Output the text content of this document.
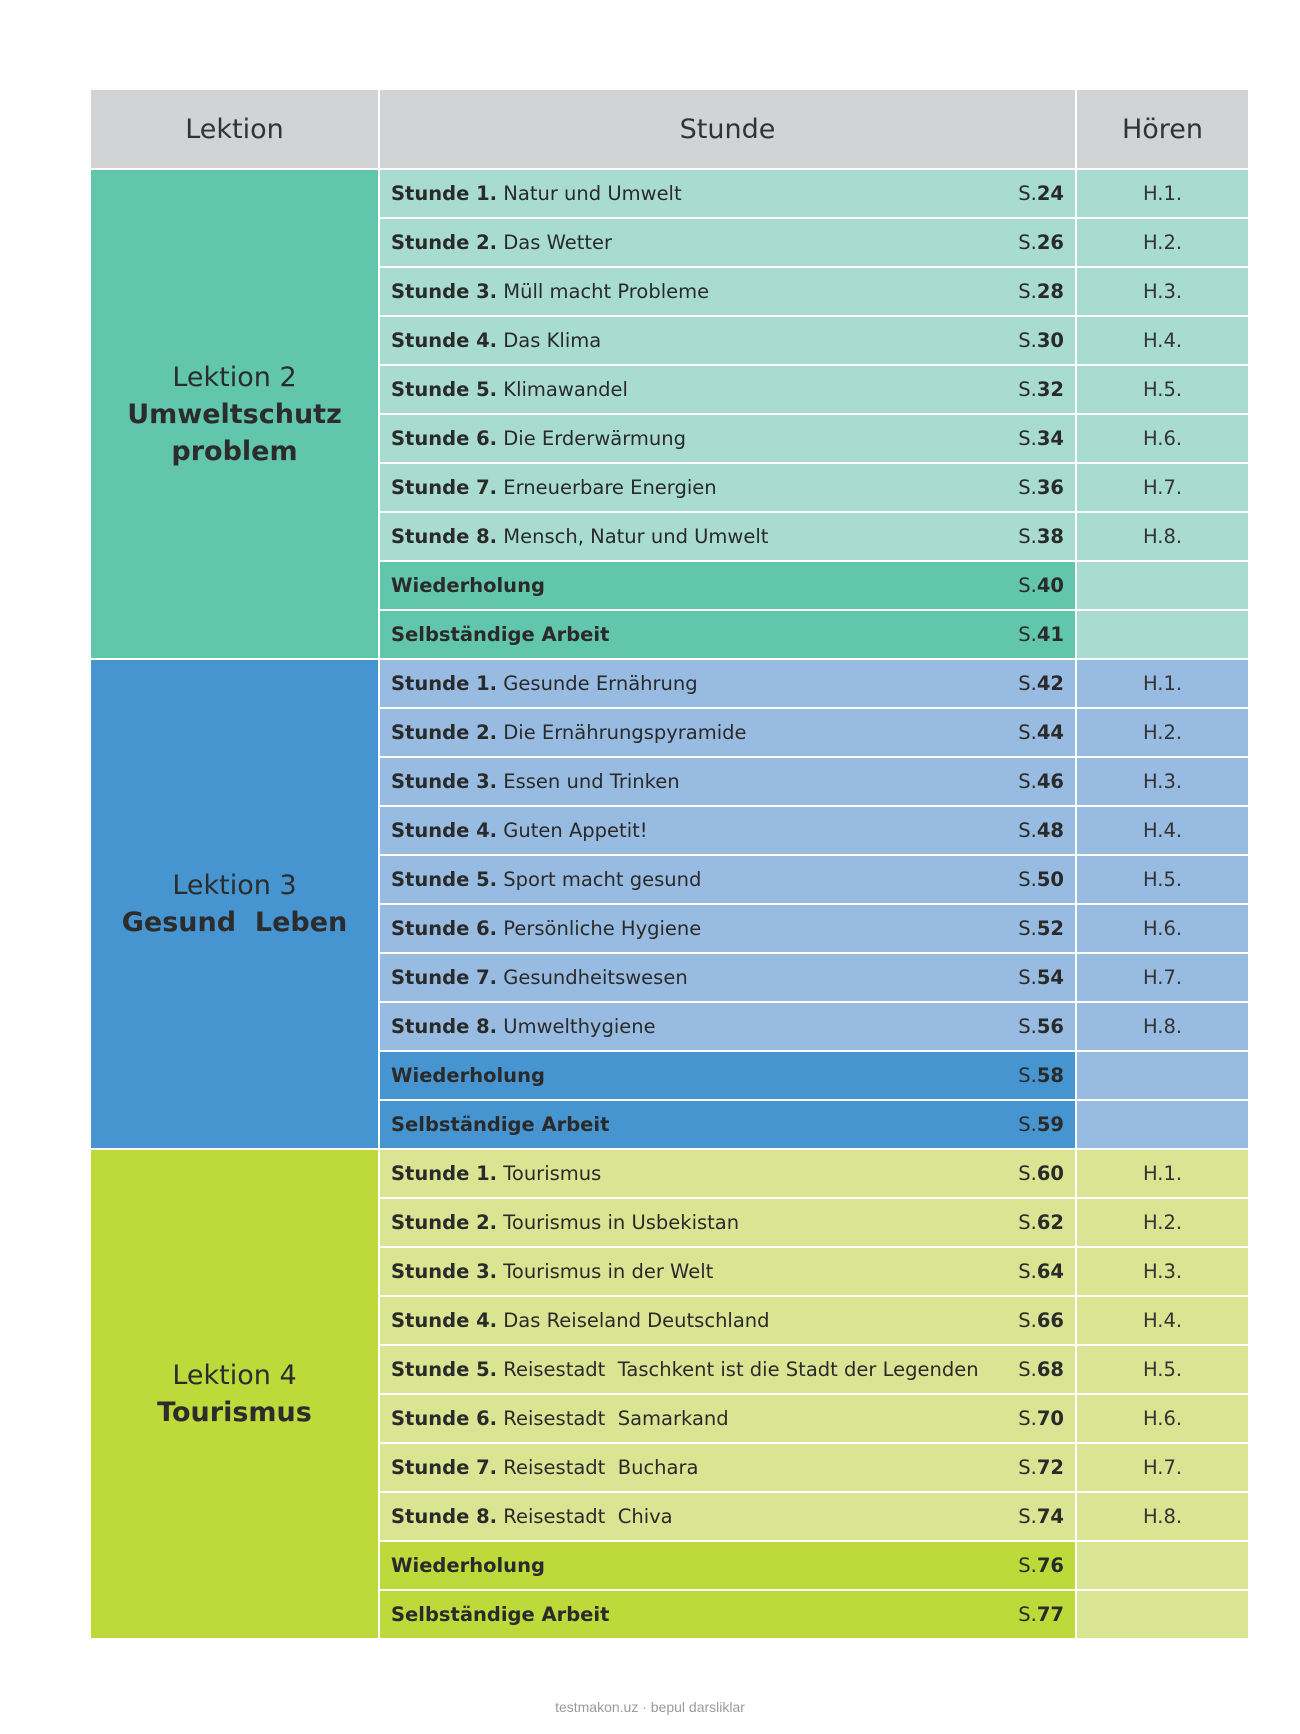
Lektion	Stunde	Hören

Lektion 2
Umweltschutz
problem	Stunde 1. Natur und Umwelt S.24	H.1.

	Stunde 2. Das Wetter S.26	H.2.

	Stunde 3. Müll macht Probleme S.28	H.3.

	Stunde 4. Das Klima S.30	H.4.

	Stunde 5. Klimawandel S.32	H.5.

	Stunde 6. Die Erderwärmung S.34	H.6.

	Stunde 7. Erneuerbare Energien S.36	H.7.

	Stunde 8. Mensch, Natur und Umwelt S.38	H.8.

	Wiederholung S.40	

	Selbständige Arbeit S.41	

Lektion 3
Gesund  Leben	Stunde 1. Gesunde Ernährung S.42	H.1.

	Stunde 2. Die Ernährungspyramide S.44	H.2.

	Stunde 3. Essen und Trinken S.46	H.3.

	Stunde 4. Guten Appetit! S.48	H.4.

	Stunde 5. Sport macht gesund S.50	H.5.

	Stunde 6. Persönliche Hygiene S.52	H.6.

	Stunde 7. Gesundheitswesen S.54	H.7.

	Stunde 8. Umwelthygiene S.56	H.8.

	Wiederholung S.58	

	Selbständige Arbeit S.59	

Lektion 4
Tourismus	Stunde 1. Tourismus S.60	H.1.

	Stunde 2. Tourismus in Usbekistan S.62	H.2.

	Stunde 3. Tourismus in der Welt S.64	H.3.

	Stunde 4. Das Reiseland Deutschland S.66	H.4.

	Stunde 5. Reisestadt  Taschkent ist die Stadt der Legenden S.68	H.5.

	Stunde 6. Reisestadt  Samarkand S.70	H.6.

	Stunde 7. Reisestadt  Buchara S.72	H.7.

	Stunde 8. Reisestadt  Chiva S.74	H.8.

	Wiederholung S.76	

	Selbständige Arbeit S.77	

testmakon.uz · bepul darsliklar
